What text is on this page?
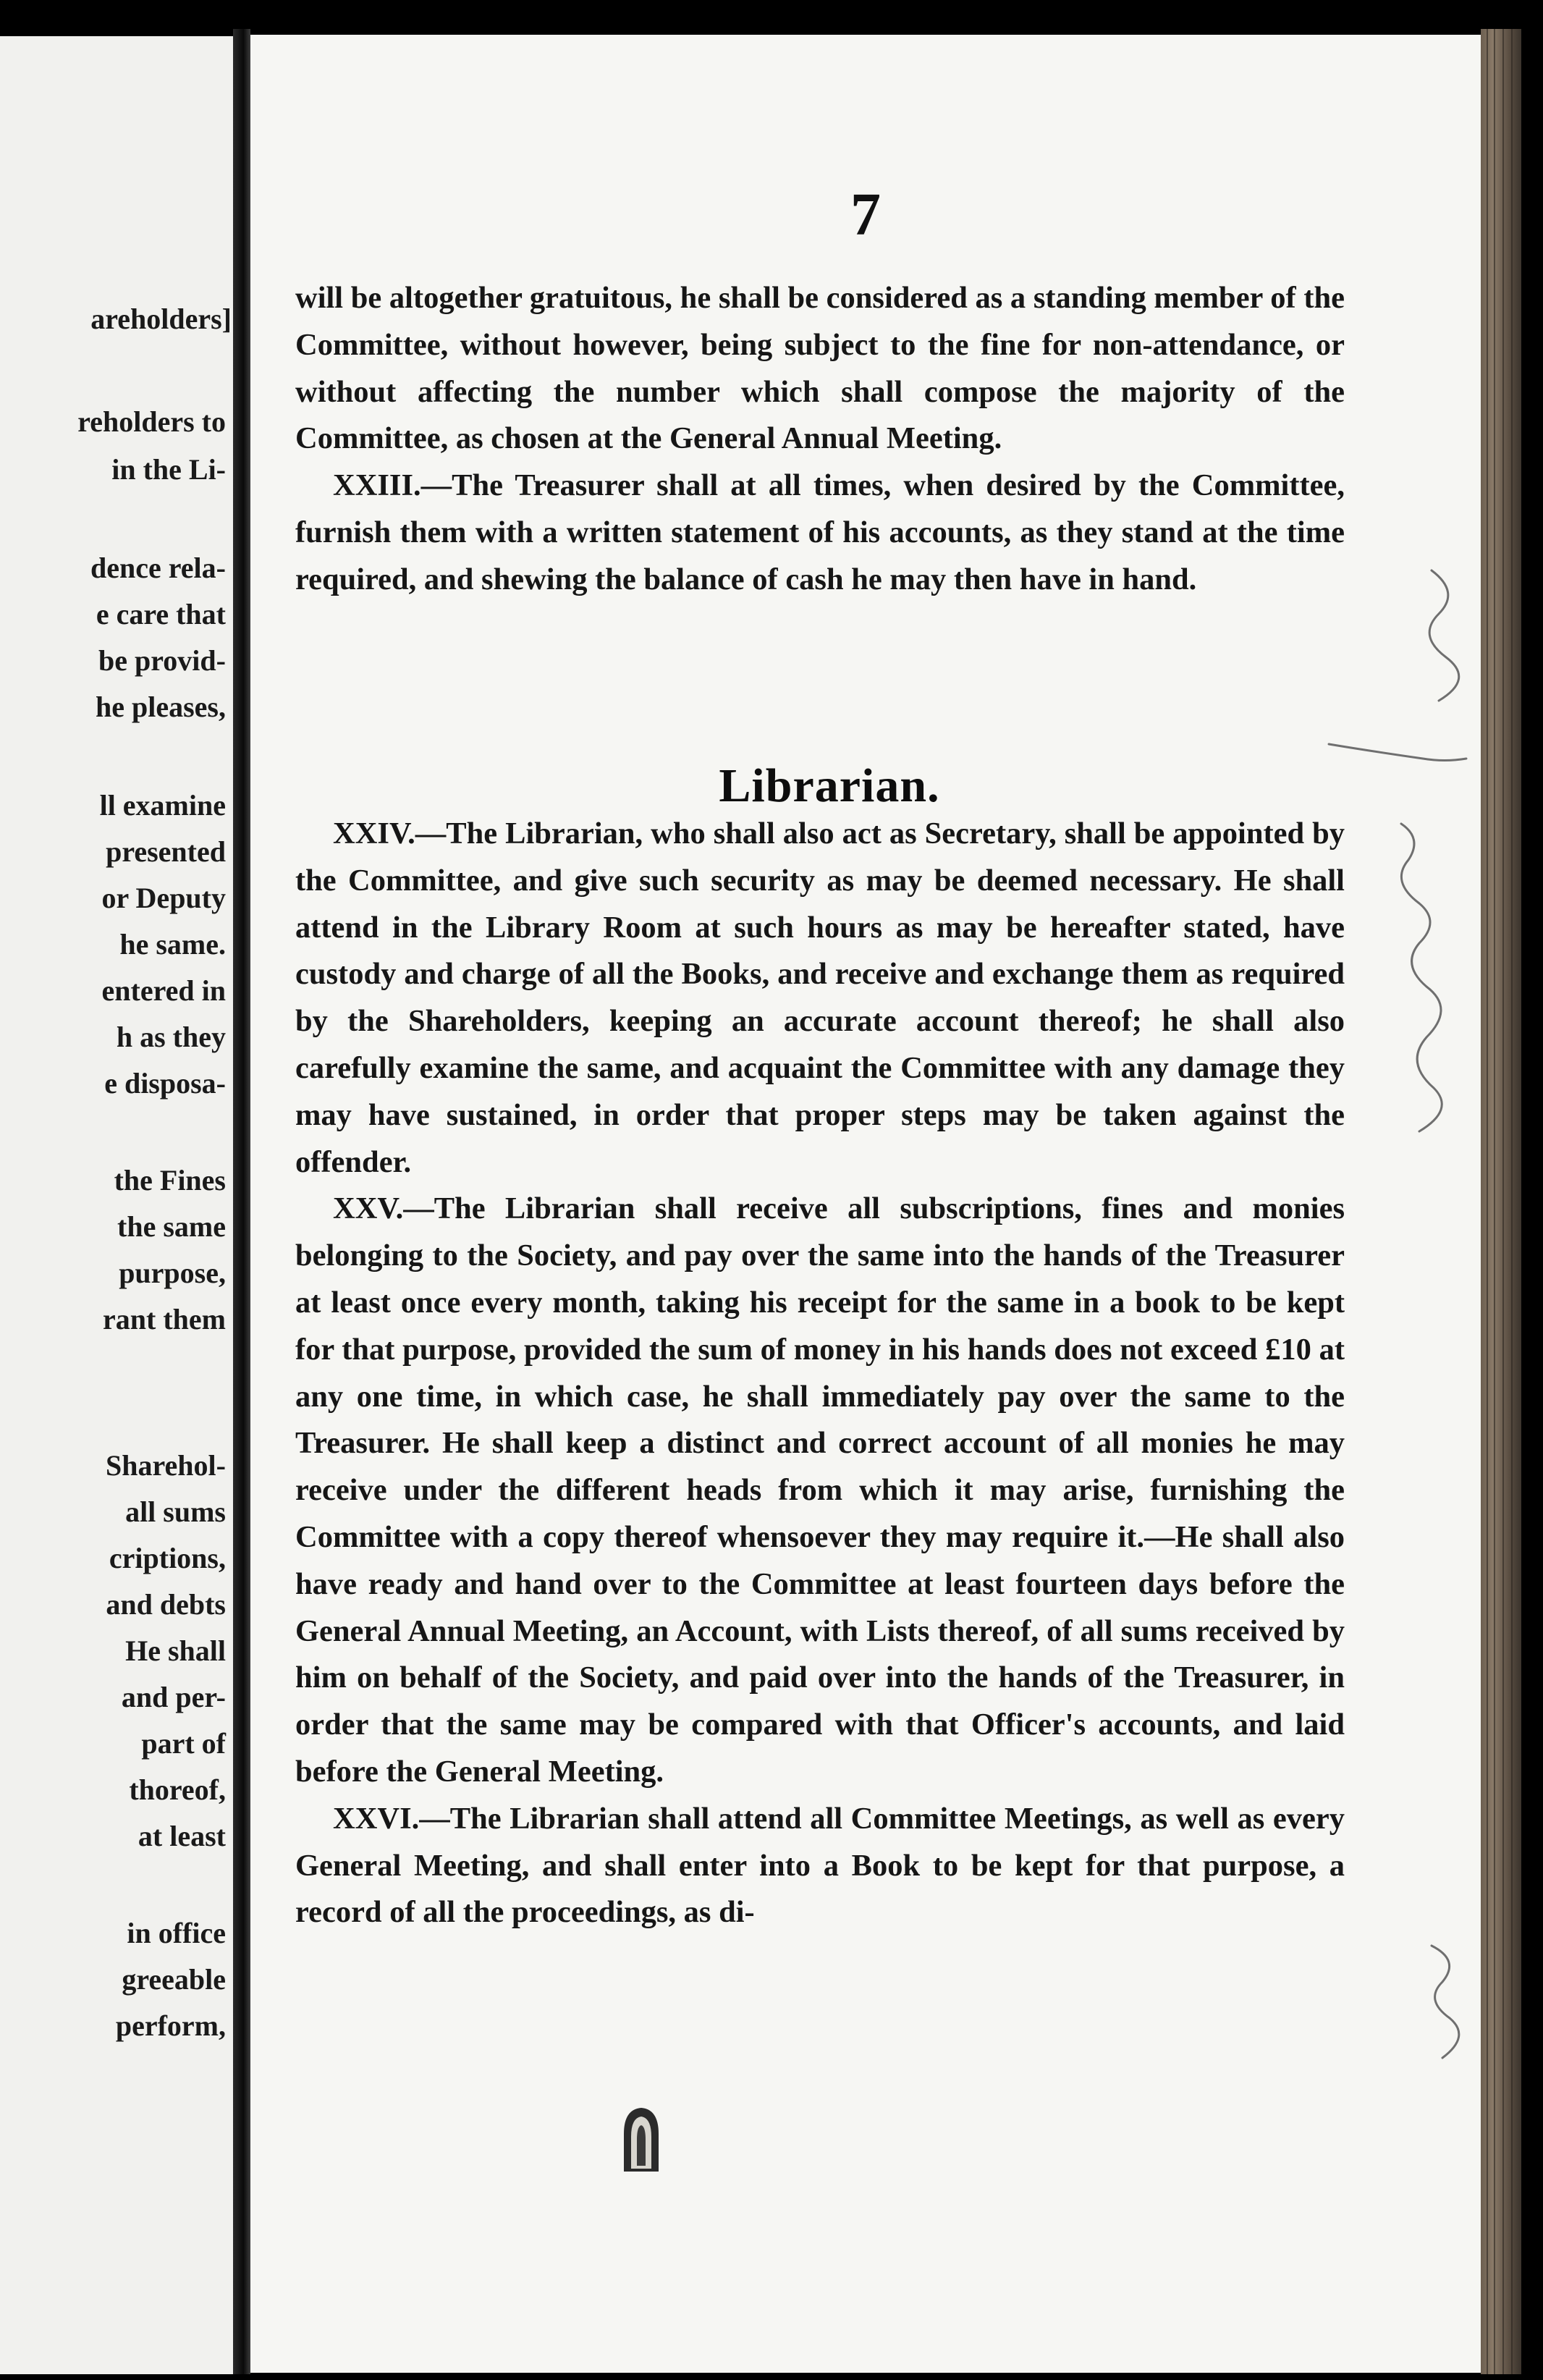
areholders]
reholders to
in the Li-
dence rela-
e care that
be provid-
he pleases,
ll examine
presented
or Deputy
he same.
entered in
h as they
e disposa-
the Fines
the same
purpose,
rant them
Sharehol-
all sums
criptions,
and debts
He shall
and per-
part of
thoreof,
at least
in office
greeable
perform,
7

will be altogether gratuitous, he shall be considered as a standing member of the Committee, without however, being subject to the fine for non-attendance, or without affecting the number which shall compose the majority of the Committee, as chosen at the General Annual Meeting.

XXIII.—The Treasurer shall at all times, when desired by the Committee, furnish them with a written statement of his accounts, as they stand at the time required, and shewing the balance of cash he may then have in hand.

Librarian.

XXIV.—The Librarian, who shall also act as Secretary, shall be appointed by the Committee, and give such security as may be deemed necessary. He shall attend in the Library Room at such hours as may be hereafter stated, have custody and charge of all the Books, and receive and exchange them as required by the Shareholders, keeping an accurate account thereof; he shall also carefully examine the same, and acquaint the Committee with any damage they may have sustained, in order that proper steps may be taken against the offender.

XXV.—The Librarian shall receive all subscriptions, fines and monies belonging to the Society, and pay over the same into the hands of the Treasurer at least once every month, taking his receipt for the same in a book to be kept for that purpose, provided the sum of money in his hands does not exceed £10 at any one time, in which case, he shall immediately pay over the same to the Treasurer. He shall keep a distinct and correct account of all monies he may receive under the different heads from which it may arise, furnishing the Committee with a copy thereof whensoever they may require it.—He shall also have ready and hand over to the Committee at least fourteen days before the General Annual Meeting, an Account, with Lists thereof, of all sums received by him on behalf of the Society, and paid over into the hands of the Treasurer, in order that the same may be compared with that Officer's accounts, and laid before the General Meeting.

XXVI.—The Librarian shall attend all Committee Meetings, as well as every General Meeting, and shall enter into a Book to be kept for that purpose, a record of all the proceedings, as di-
